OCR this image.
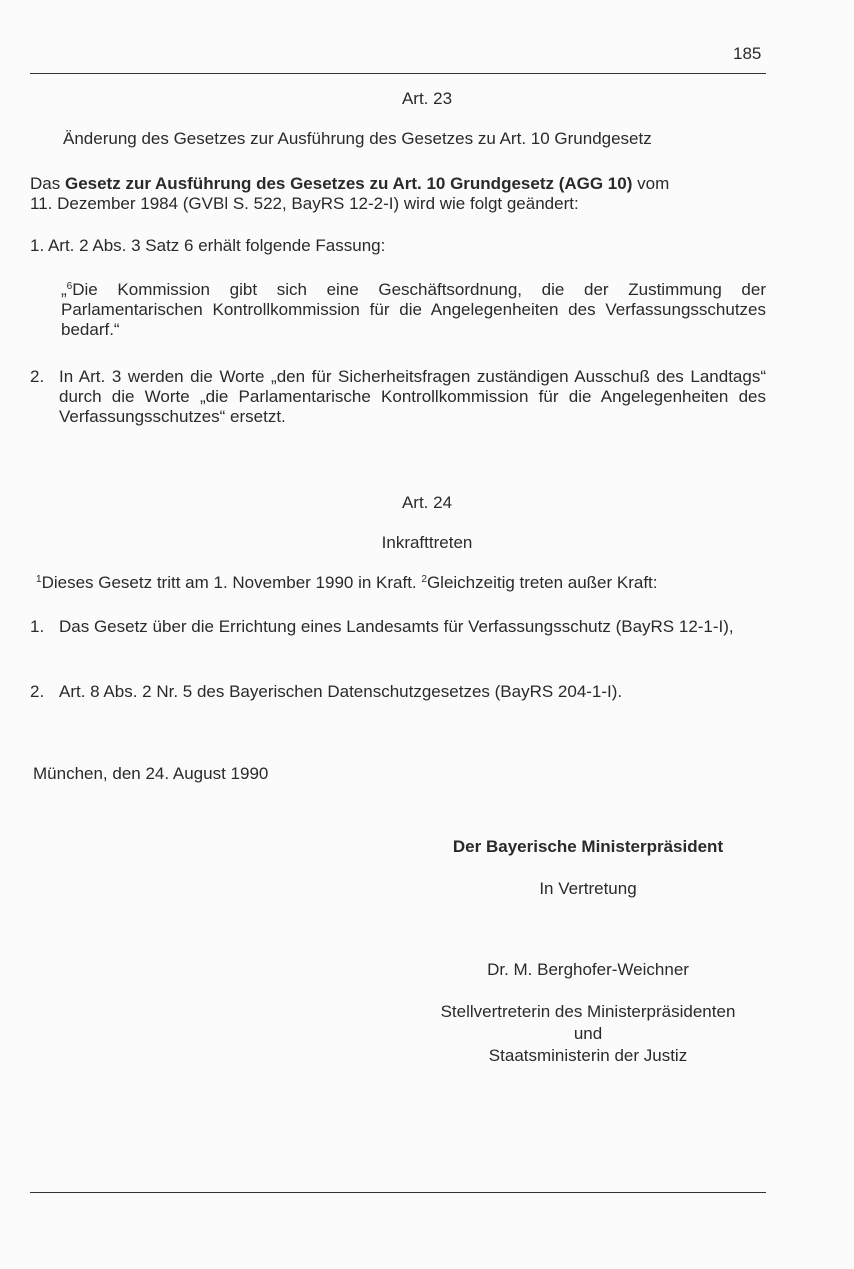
185
Art. 23
Änderung des Gesetzes zur Ausführung des Gesetzes zu Art. 10 Grundgesetz
Das Gesetz zur Ausführung des Gesetzes zu Art. 10 Grundgesetz (AGG 10) vom
11. Dezember 1984 (GVBl S. 522, BayRS 12-2-I) wird wie folgt geändert:
1. Art. 2 Abs. 3 Satz 6 erhält folgende Fassung:
„$^6$Die Kommission gibt sich eine Geschäftsordnung, die der Zustimmung der Parlamentarischen Kontrollkommission für die Angelegenheiten des Verfassungsschutzes bedarf.“
2. In Art. 3 werden die Worte „den für Sicherheitsfragen zuständigen Ausschuß des Landtags“ durch die Worte „die Parlamentarische Kontrollkommission für die Angelegenheiten des Verfassungsschutzes“ ersetzt.
Art. 24
Inkrafttreten
$^1$Dieses Gesetz tritt am 1. November 1990 in Kraft. $^2$Gleichzeitig treten außer Kraft:
1. Das Gesetz über die Errichtung eines Landesamts für Verfassungsschutz (BayRS 12-1-I),
2. Art. 8 Abs. 2 Nr. 5 des Bayerischen Datenschutzgesetzes (BayRS 204-1-I).
München, den 24. August 1990
Der Bayerische Ministerpräsident
In Vertretung
Dr. M. Berghofer-Weichner
Stellvertreterin des Ministerpräsidenten
und
Staatsministerin der Justiz
